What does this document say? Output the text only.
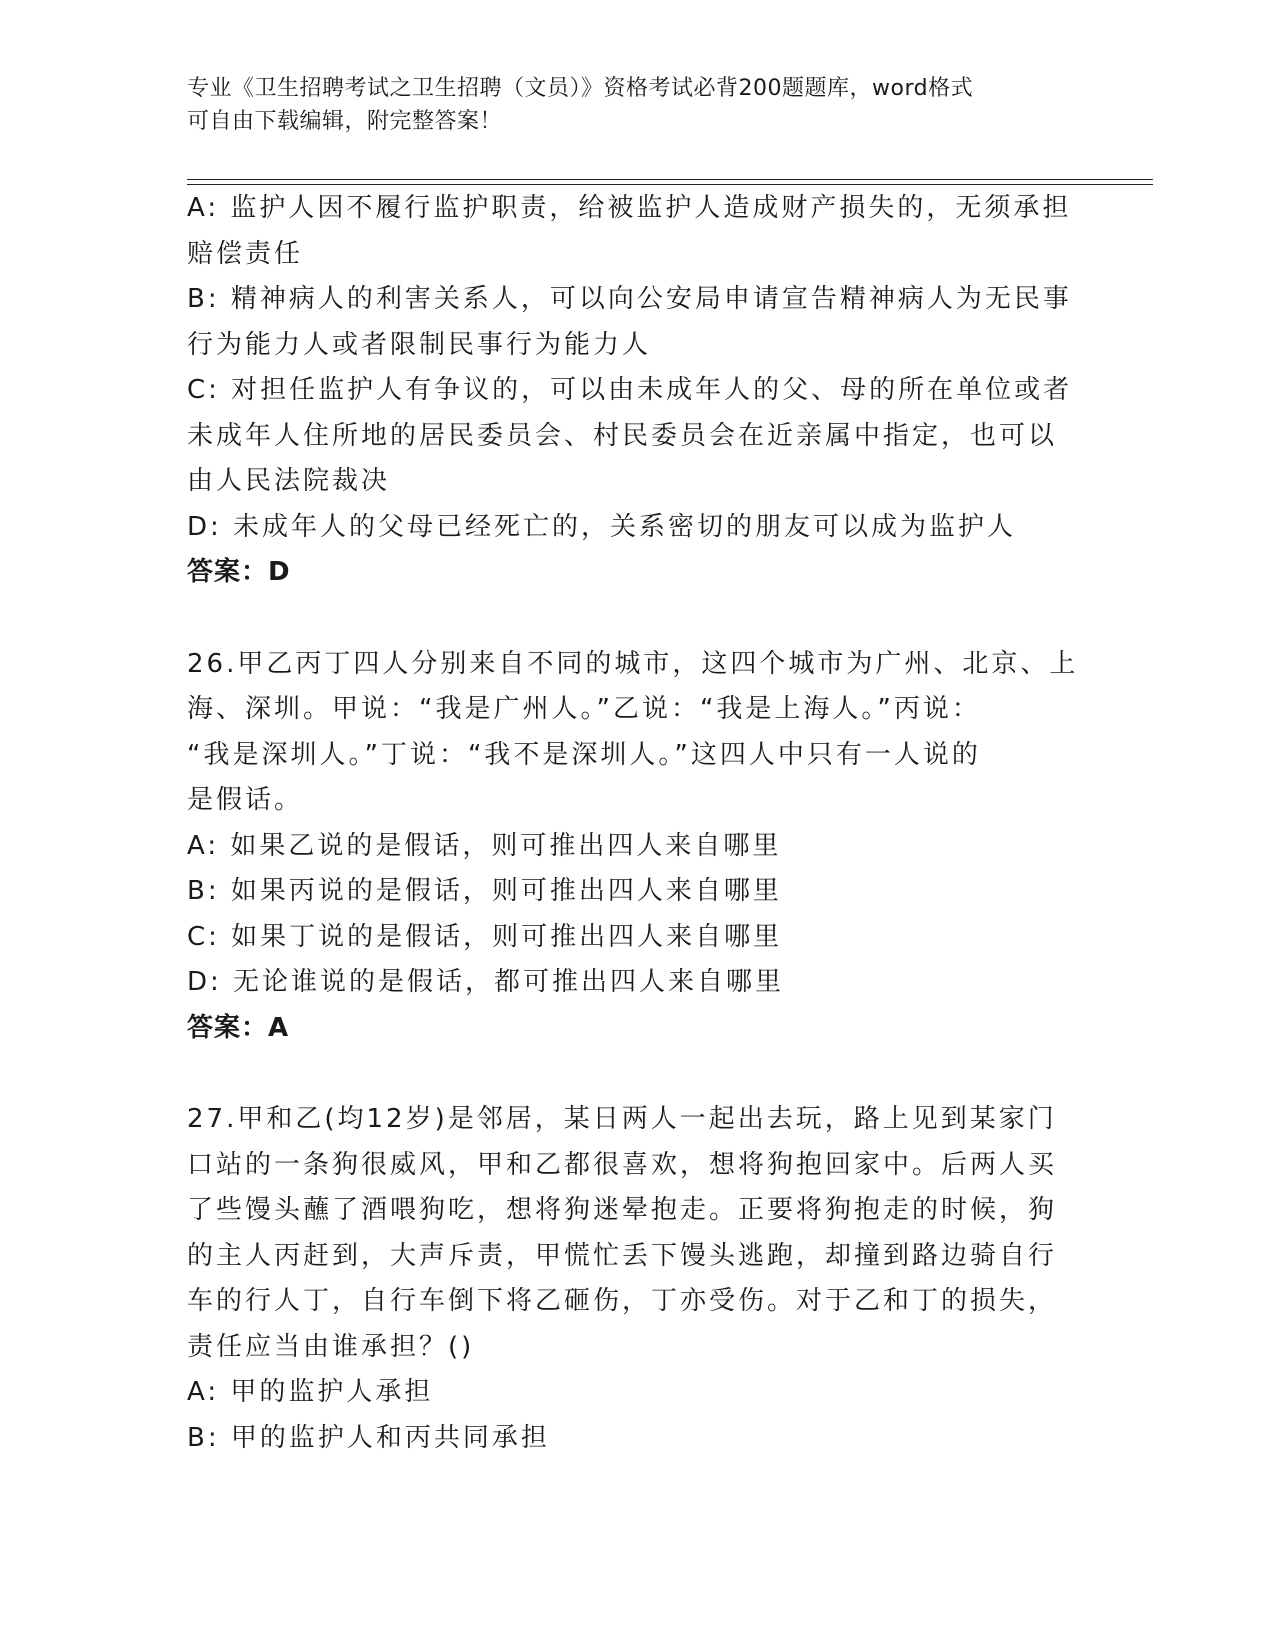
专业《卫生招聘考试之卫生招聘（文员）》资格考试必背200题题库，word格式
可自由下载编辑，附完整答案！

A: 监护人因不履行监护职责，给被监护人造成财产损失的，无须承担

赔偿责任

B: 精神病人的利害关系人，可以向公安局申请宣告精神病人为无民事

行为能力人或者限制民事行为能力人

C: 对担任监护人有争议的，可以由未成年人的父、母的所在单位或者

未成年人住所地的居民委员会、村民委员会在近亲属中指定，也可以

由人民法院裁决

D: 未成年人的父母已经死亡的，关系密切的朋友可以成为监护人

答案：D

26.甲乙丙丁四人分别来自不同的城市，这四个城市为广州、北京、上

海、深圳。甲说：“我是广州人。”乙说：“我是上海人。”丙说：

“我是深圳人。”丁说：“我不是深圳人。”这四人中只有一人说的

是假话。

A: 如果乙说的是假话，则可推出四人来自哪里

B: 如果丙说的是假话，则可推出四人来自哪里

C: 如果丁说的是假话，则可推出四人来自哪里

D: 无论谁说的是假话，都可推出四人来自哪里

答案：A

27.甲和乙(均12岁)是邻居，某日两人一起出去玩，路上见到某家门

口站的一条狗很威风，甲和乙都很喜欢，想将狗抱回家中。后两人买

了些馒头蘸了酒喂狗吃，想将狗迷晕抱走。正要将狗抱走的时候，狗

的主人丙赶到，大声斥责，甲慌忙丢下馒头逃跑，却撞到路边骑自行

车的行人丁，自行车倒下将乙砸伤，丁亦受伤。对于乙和丁的损失，

责任应当由谁承担？()

A: 甲的监护人承担

B: 甲的监护人和丙共同承担
